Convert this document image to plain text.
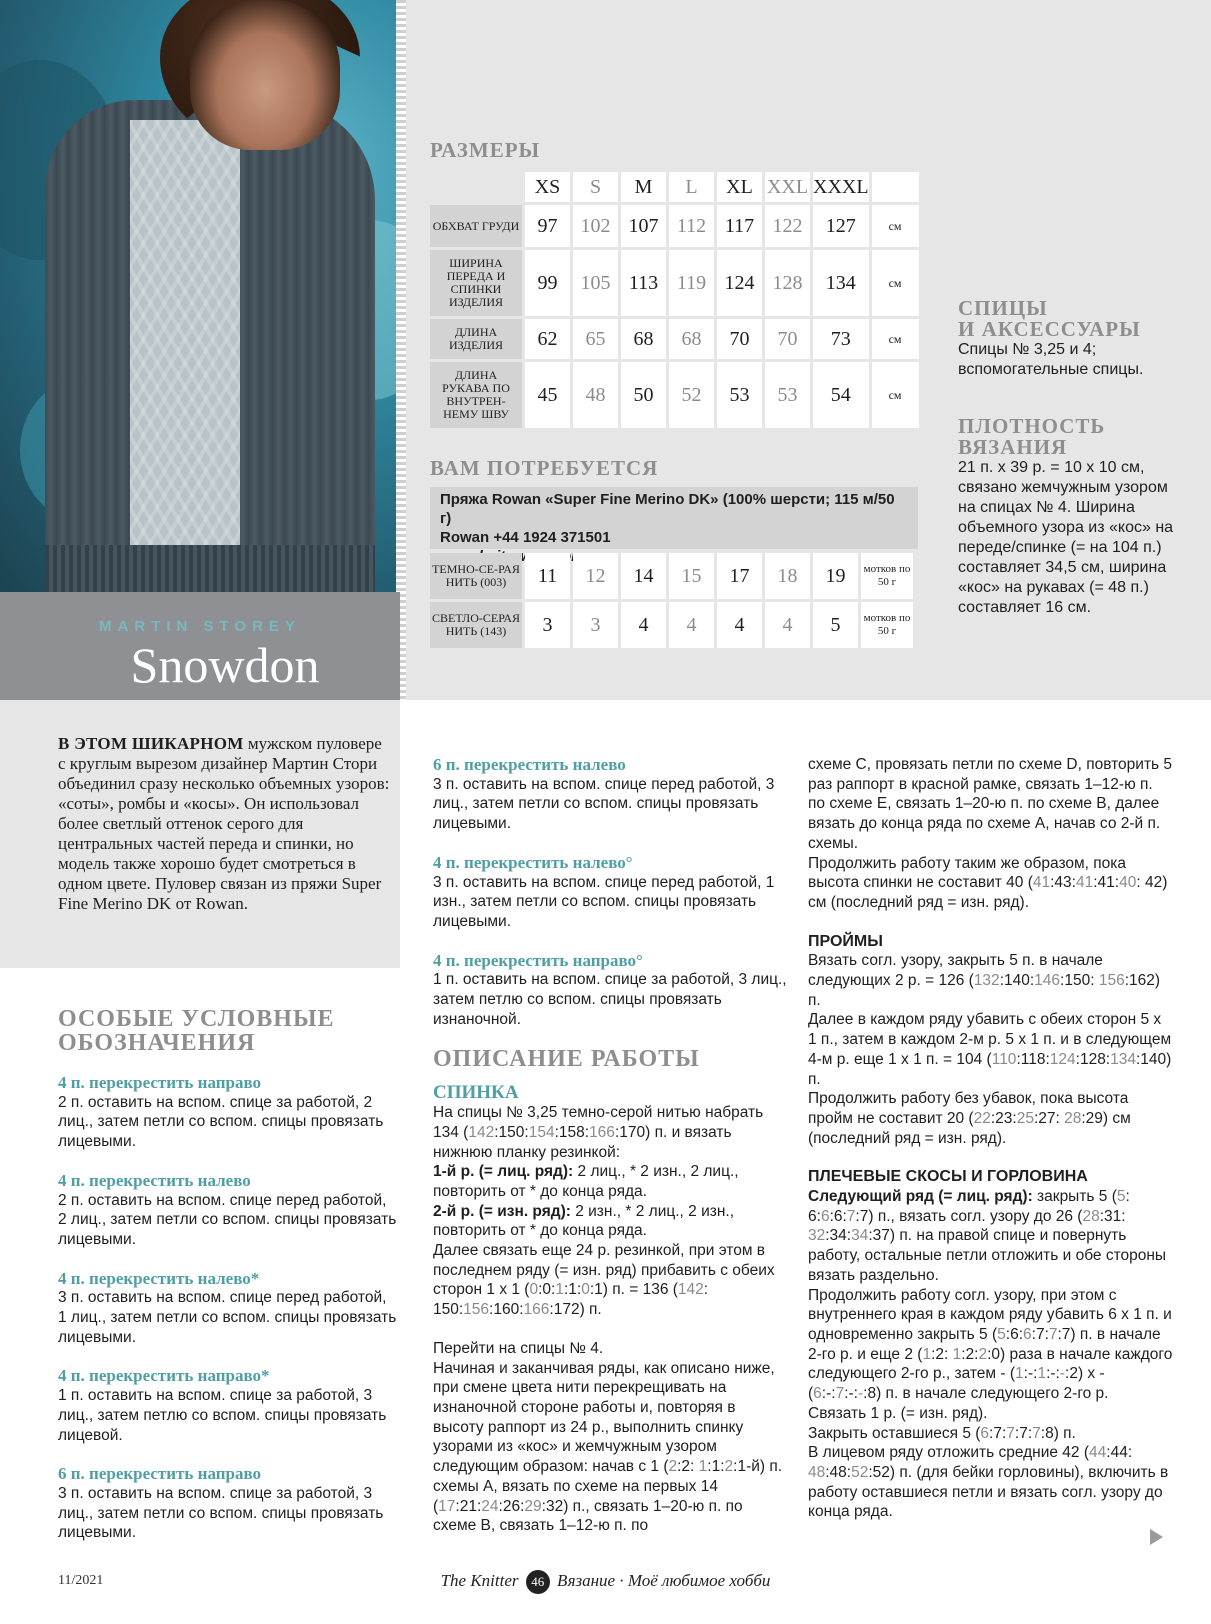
MARTIN STOREY
Snowdon
РАЗМЕРЫ
	XS	S	M	L	XL	XXL	XXXL	
ОБХВАТ ГРУДИ	97	102	107	112	117	122	127	см
ШИРИНА ПЕРЕДА И СПИНКИ ИЗДЕЛИЯ	99	105	113	119	124	128	134	см
ДЛИНА ИЗДЕЛИЯ	62	65	68	68	70	70	73	см
ДЛИНА РУКАВА ПО ВНУТРЕН-НЕМУ ШВУ	45	48	50	52	53	53	54	см
ВАМ ПОТРЕБУЕТСЯ
Пряжа Rowan «Super Fine Merino DK» (100% шерсти; 115 м/50 г)
Rowan +44 1924 371501
ТЕМНО-СЕ-РАЯ НИТЬ (003)	11	12	14	15	17	18	19	мотков по 50 г
СВЕТЛО-СЕРАЯ НИТЬ (143)	3	3	4	4	4	4	5	мотков по 50 г
СПИЦЫ
И АКСЕССУАРЫ
Спицы № 3,25 и 4; вспомогательные спицы.
ПЛОТНОСТЬ
ВЯЗАНИЯ
21 п. х 39 р. = 10 х 10 см, связано жемчужным узором на спицах № 4. Ширина объемного узора из «кос» на переде/спинке (= на 104 п.) составляет 34,5 см, ширина «кос» на рукавах (= 48 п.) составляет 16 см.
В ЭТОМ ШИКАРНОМ мужском пуловере с круглым вырезом дизайнер Мартин Стори объединил сразу несколько объемных узоров: «соты», ромбы и «косы». Он использовал более светлый оттенок серого для центральных частей переда и спинки, но модель также хорошо будет смотреться в одном цвете. Пуловер связан из пряжи Super Fine Merino DK от Rowan.
ОСОБЫЕ УСЛОВНЫЕ
ОБОЗНАЧЕНИЯ

4 п. перекрестить направо

2 п. оставить на вспом. спице за работой, 2 лиц., затем петли со вспом. спицы провязать лицевыми.

4 п. перекрестить налево

2 п. оставить на вспом. спице перед работой, 2 лиц., затем петли со вспом. спицы провязать лицевыми.

4 п. перекрестить налево*

3 п. оставить на вспом. спице перед работой, 1 лиц., затем петли со вспом. спицы провязать лицевыми.

4 п. перекрестить направо*

1 п. оставить на вспом. спице за работой, 3 лиц., затем петлю со вспом. спицы провязать лицевой.

6 п. перекрестить направо

3 п. оставить на вспом. спице за работой, 3 лиц., затем петли со вспом. спицы провязать лицевыми.

6 п. перекрестить налево

3 п. оставить на вспом. спице перед работой, 3 лиц., затем петли со вспом. спицы провязать лицевыми.

4 п. перекрестить налево°

3 п. оставить на вспом. спице перед работой, 1 изн., затем петли со вспом. спицы провязать лицевыми.

4 п. перекрестить направо°

1 п. оставить на вспом. спице за работой, 3 лиц., затем петлю со вспом. спицы провязать изнаночной.

ОПИСАНИЕ РАБОТЫ

СПИНКА

На спицы № 3,25 темно-серой нитью набрать 134 (142:150:154:158:166:170) п. и вязать нижнюю планку резинкой:
1-й р. (= лиц. ряд): 2 лиц., * 2 изн., 2 лиц., повторить от * до конца ряда.
2-й р. (= изн. ряд): 2 изн., * 2 лиц., 2 изн., повторить от * до конца ряда.
Далее связать еще 24 р. резинкой, при этом в последнем ряду (= изн. ряд) прибавить с обеих сторон 1 х 1 (0:0:1:1:0:1) п. = 136 (142: 150:156:160:166:172) п.

Перейти на спицы № 4.
Начиная и заканчивая ряды, как описано ниже, при смене цвета нити перекрещивать на изнаночной стороне работы и, повторяя в высоту раппорт из 24 р., выполнить спинку узорами из «кос» и жемчужным узором следующим образом: начав с 1 (2:2: 1:1:2:1-й) п. схемы А, вязать по схеме на первых 14 (17:21:24:26:29:32) п., связать 1–20-ю п. по схеме В, связать 1–12-ю п. по

схеме С, провязать петли по схеме D, повторить 5 раз раппорт в красной рамке, связать 1–12-ю п. по схеме Е, связать 1–20-ю п. по схеме В, далее вязать до конца ряда по схеме А, начав со 2-й п. схемы.
Продолжить работу таким же образом, пока высота спинки не составит 40 (41:43:41:41:40: 42) см (последний ряд = изн. ряд).

ПРОЙМЫ

Вязать согл. узору, закрыть 5 п. в начале следующих 2 р. = 126 (132:140:146:150: 156:162) п.
Далее в каждом ряду убавить с обеих сторон 5 х 1 п., затем в каждом 2-м р. 5 х 1 п. и в следующем 4-м р. еще 1 х 1 п. = 104 (110:118:124:128:134:140) п.
Продолжить работу без убавок, пока высота пройм не составит 20 (22:23:25:27: 28:29) см (последний ряд = изн. ряд).

ПЛЕЧЕВЫЕ СКОСЫ И ГОРЛОВИНА

Следующий ряд (= лиц. ряд): закрыть 5 (5: 6:6:6:7:7) п., вязать согл. узору до 26 (28:31: 32:34:34:37) п. на правой спице и повернуть работу, остальные петли отложить и обе стороны вязать раздельно.
Продолжить работу согл. узору, при этом с внутреннего края в каждом ряду убавить 6 х 1 п. и одновременно закрыть 5 (5:6:6:7:7:7) п. в начале 2-го р. и еще 2 (1:2: 1:2:2:0) раза в начале каждого следующего 2-го р., затем - (1:-:1:-:-:2) х - (6:-:7:-:-:8) п. в начале следующего 2-го р.
Связать 1 р. (= изн. ряд).
Закрыть оставшиеся 5 (6:7:7:7:7:8) п.
В лицевом ряду отложить средние 42 (44:44: 48:48:52:52) п. (для бейки горловины), включить в работу оставшиеся петли и вязать согл. узору до конца ряда.

11/2021	The Knitter 46 Вязание · Моё любимое хобби
